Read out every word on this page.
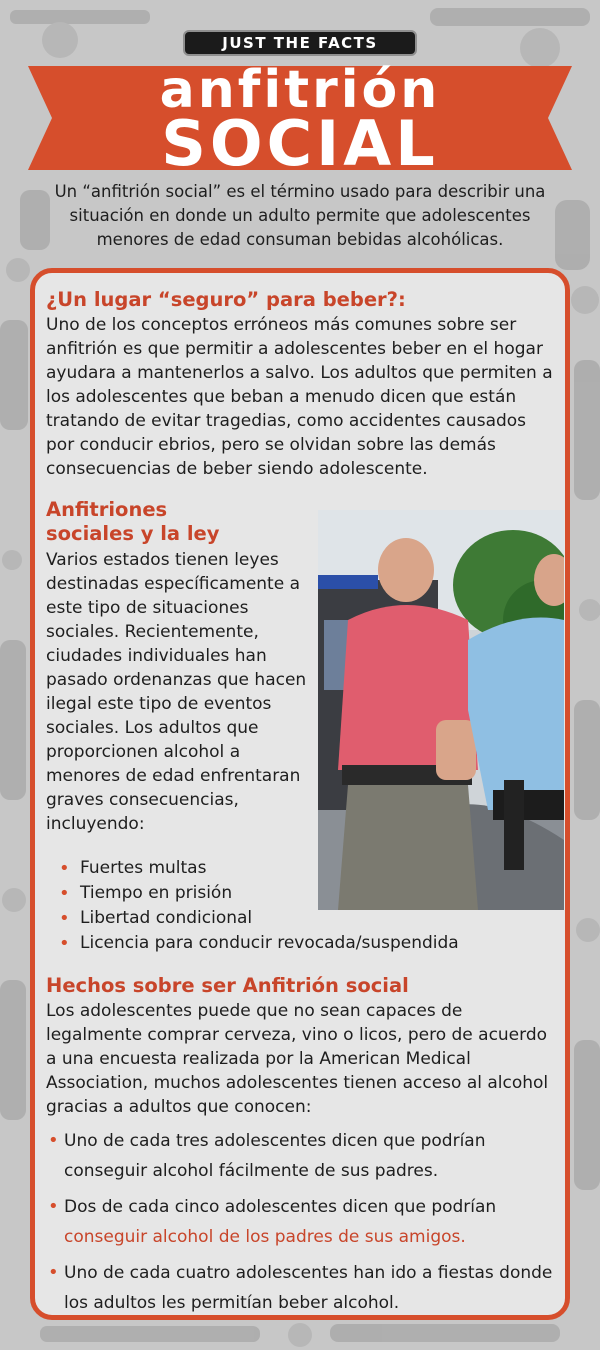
JUST THE FACTS
anfitrión
SOCIAL
Un “anfitrión social” es el término usado para describir una situación en donde un adulto permite que adolescentes menores de edad consuman bebidas alcohólicas.
¿Un lugar “seguro” para beber?:
Uno de los conceptos erróneos más comunes sobre ser anfitrión es que permitir a adolescentes beber en el hogar ayudara a mantenerlos a salvo. Los adultos que permiten a los adolescentes que beban a menudo dicen que están tratando de evitar tragedias, como accidentes causados por conducir ebrios, pero se olvidan sobre las demás consecuencias de beber siendo adolescente.
Anfitriones
sociales y la ley
Varios estados tienen leyes destinadas específicamente a este tipo de situaciones sociales. Recientemente, ciudades individuales han pasado ordenanzas que hacen ilegal este tipo de eventos sociales. Los adultos que proporcionen alcohol a menores de edad enfrentaran graves consecuencias, incluyendo:
• Fuertes multas
• Tiempo en prisión
• Libertad condicional
• Licencia para conducir revocada/suspendida
Hechos sobre ser Anfitrión social
Los adolescentes puede que no sean capaces de legalmente comprar cerveza, vino o licos, pero de acuerdo a una encuesta realizada por la American Medical Association, muchos adolescentes tienen acceso al alcohol gracias a adultos que conocen:
• Uno de cada tres adolescentes dicen que podrían conseguir alcohol fácilmente de sus padres.
• Dos de cada cinco adolescentes dicen que podrían conseguir alcohol de los padres de sus amigos.
• Uno de cada cuatro adolescentes han ido a fiestas donde los adultos les permitían beber alcohol.
